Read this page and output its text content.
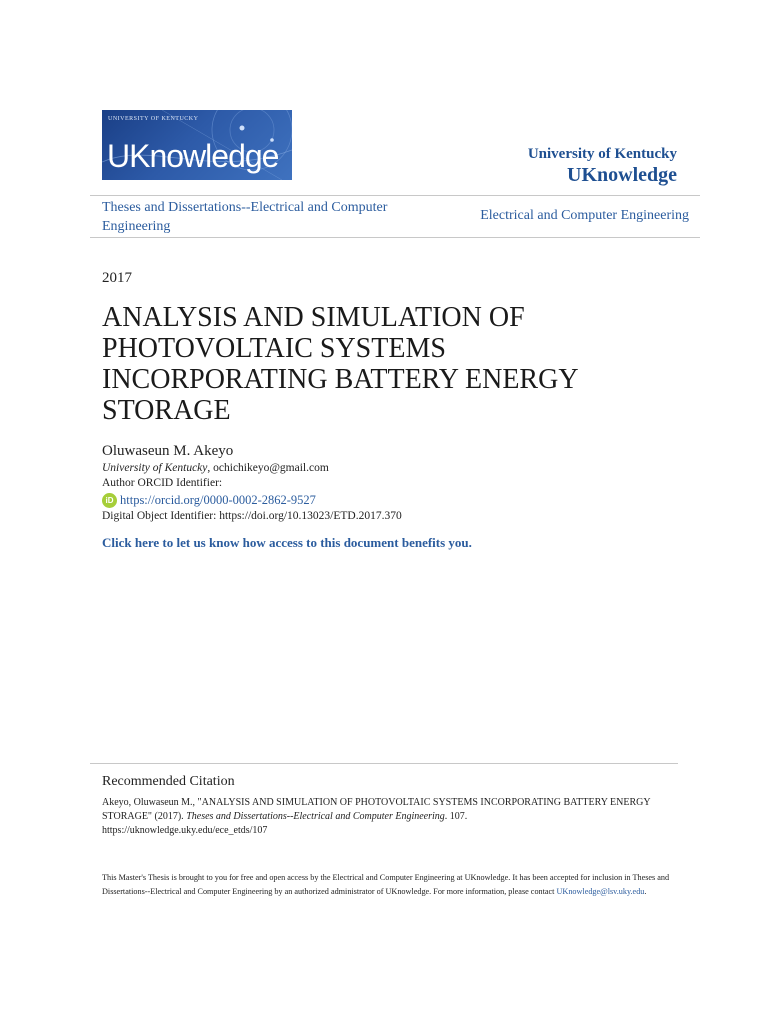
UNIVERSITY OF KENTUCKY
UKnowledge	University of Kentucky
UKnowledge
Theses and Dissertations--Electrical and Computer Engineering
Electrical and Computer Engineering
2017
ANALYSIS AND SIMULATION OF PHOTOVOLTAIC SYSTEMS INCORPORATING BATTERY ENERGY STORAGE
Oluwaseun M. Akeyo
University of Kentucky, ochichikeyo@gmail.com
Author ORCID Identifier:
iD https://orcid.org/0000-0002-2862-9527
Digital Object Identifier: https://doi.org/10.13023/ETD.2017.370
Click here to let us know how access to this document benefits you.
Recommended Citation
Akeyo, Oluwaseun M., "ANALYSIS AND SIMULATION OF PHOTOVOLTAIC SYSTEMS INCORPORATING BATTERY ENERGY STORAGE" (2017). Theses and Dissertations--Electrical and Computer Engineering. 107.
https://uknowledge.uky.edu/ece_etds/107
This Master's Thesis is brought to you for free and open access by the Electrical and Computer Engineering at UKnowledge. It has been accepted for inclusion in Theses and Dissertations--Electrical and Computer Engineering by an authorized administrator of UKnowledge. For more information, please contact UKnowledge@lsv.uky.edu.
